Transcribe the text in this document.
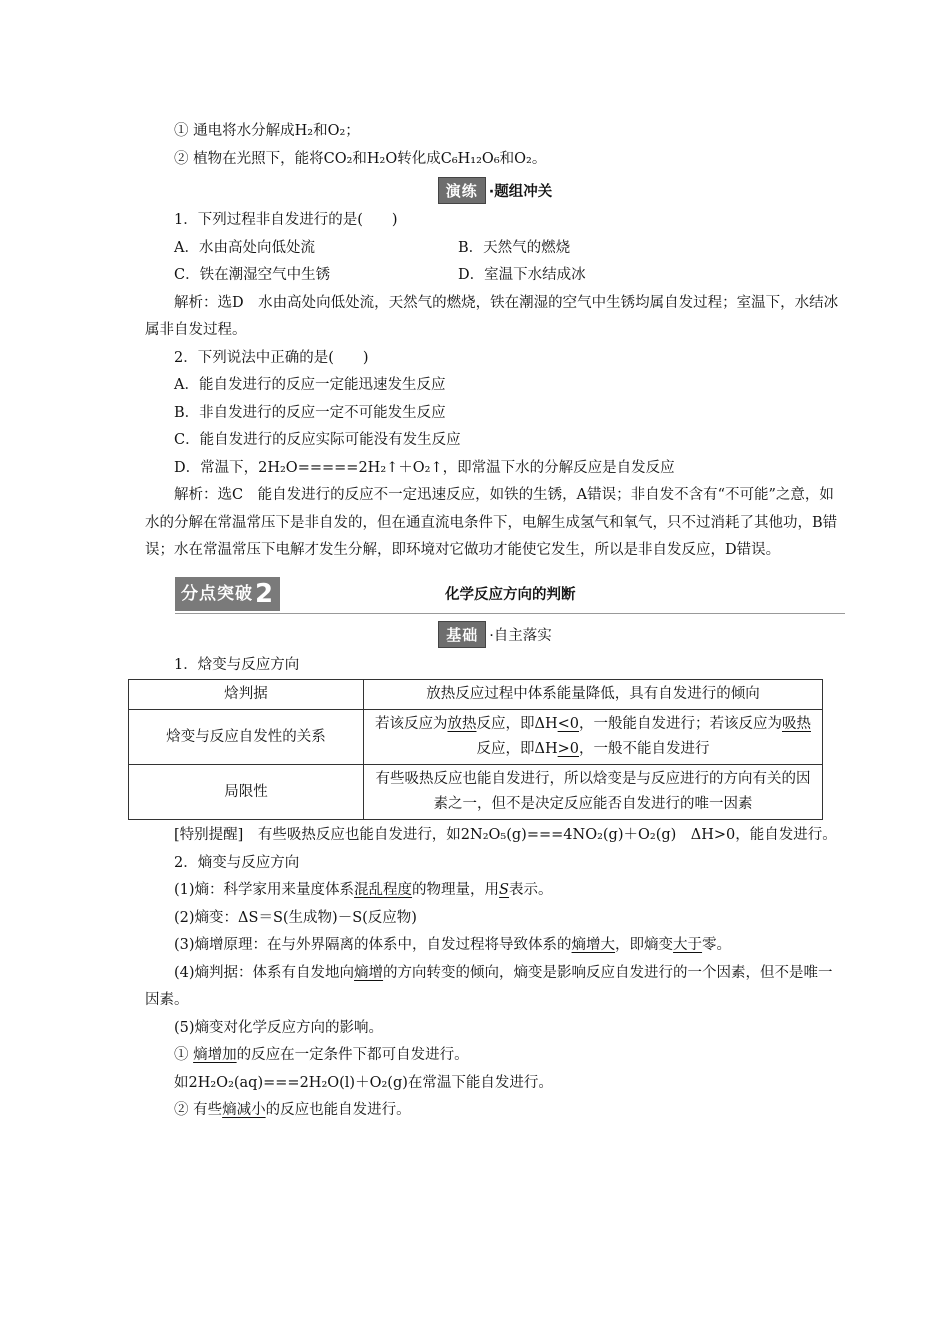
① 通电将水分解成H₂和O₂；
② 植物在光照下，能将CO₂和H₂O转化成C₆H₁₂O₆和O₂。
演练 ·题组冲关
1．下列过程非自发进行的是(　　)
A．水由高处向低处流	B．天然气的燃烧
C．铁在潮湿空气中生锈	D．室温下水结成冰
解析：选D　水由高处向低处流，天然气的燃烧，铁在潮湿的空气中生锈均属自发过程；室温下，水结冰属非自发过程。
2．下列说法中正确的是(　　)
A．能自发进行的反应一定能迅速发生反应
B．非自发进行的反应一定不可能发生反应
C．能自发进行的反应实际可能没有发生反应
D．常温下，2H₂O=====2H₂↑＋O₂↑，即常温下水的分解反应是自发反应
解析：选C　能自发进行的反应不一定迅速反应，如铁的生锈，A错误；非自发不含有“不可能”之意，如水的分解在常温常压下是非自发的，但在通直流电条件下，电解生成氢气和氧气，只不过消耗了其他功，B错误；水在常温常压下电解才发生分解，即环境对它做功才能使它发生，所以是非自发反应，D错误。
分点突破2	化学反应方向的判断
基础 ·自主落实
1．焓变与反应方向
焓判据	放热反应过程中体系能量降低，具有自发进行的倾向
焓变与反应自发性的关系	若该反应为放热反应，即ΔH<0，一般能自发进行；若该反应为吸热反应，即ΔH>0，一般不能自发进行
局限性	有些吸热反应也能自发进行，所以焓变是与反应进行的方向有关的因素之一，但不是决定反应能否自发进行的唯一因素
[特别提醒]　有些吸热反应也能自发进行，如2N₂O₅(g)===4NO₂(g)＋O₂(g)　ΔH>0，能自发进行。
2．熵变与反应方向
(1)熵：科学家用来量度体系混乱程度的物理量，用S表示。
(2)熵变：ΔS＝S(生成物)－S(反应物)
(3)熵增原理：在与外界隔离的体系中，自发过程将导致体系的熵增大，即熵变大于零。
(4)熵判据：体系有自发地向熵增的方向转变的倾向，熵变是影响反应自发进行的一个因素，但不是唯一因素。
(5)熵变对化学反应方向的影响。
① 熵增加的反应在一定条件下都可自发进行。
如2H₂O₂(aq)===2H₂O(l)＋O₂(g)在常温下能自发进行。
② 有些熵减小的反应也能自发进行。
